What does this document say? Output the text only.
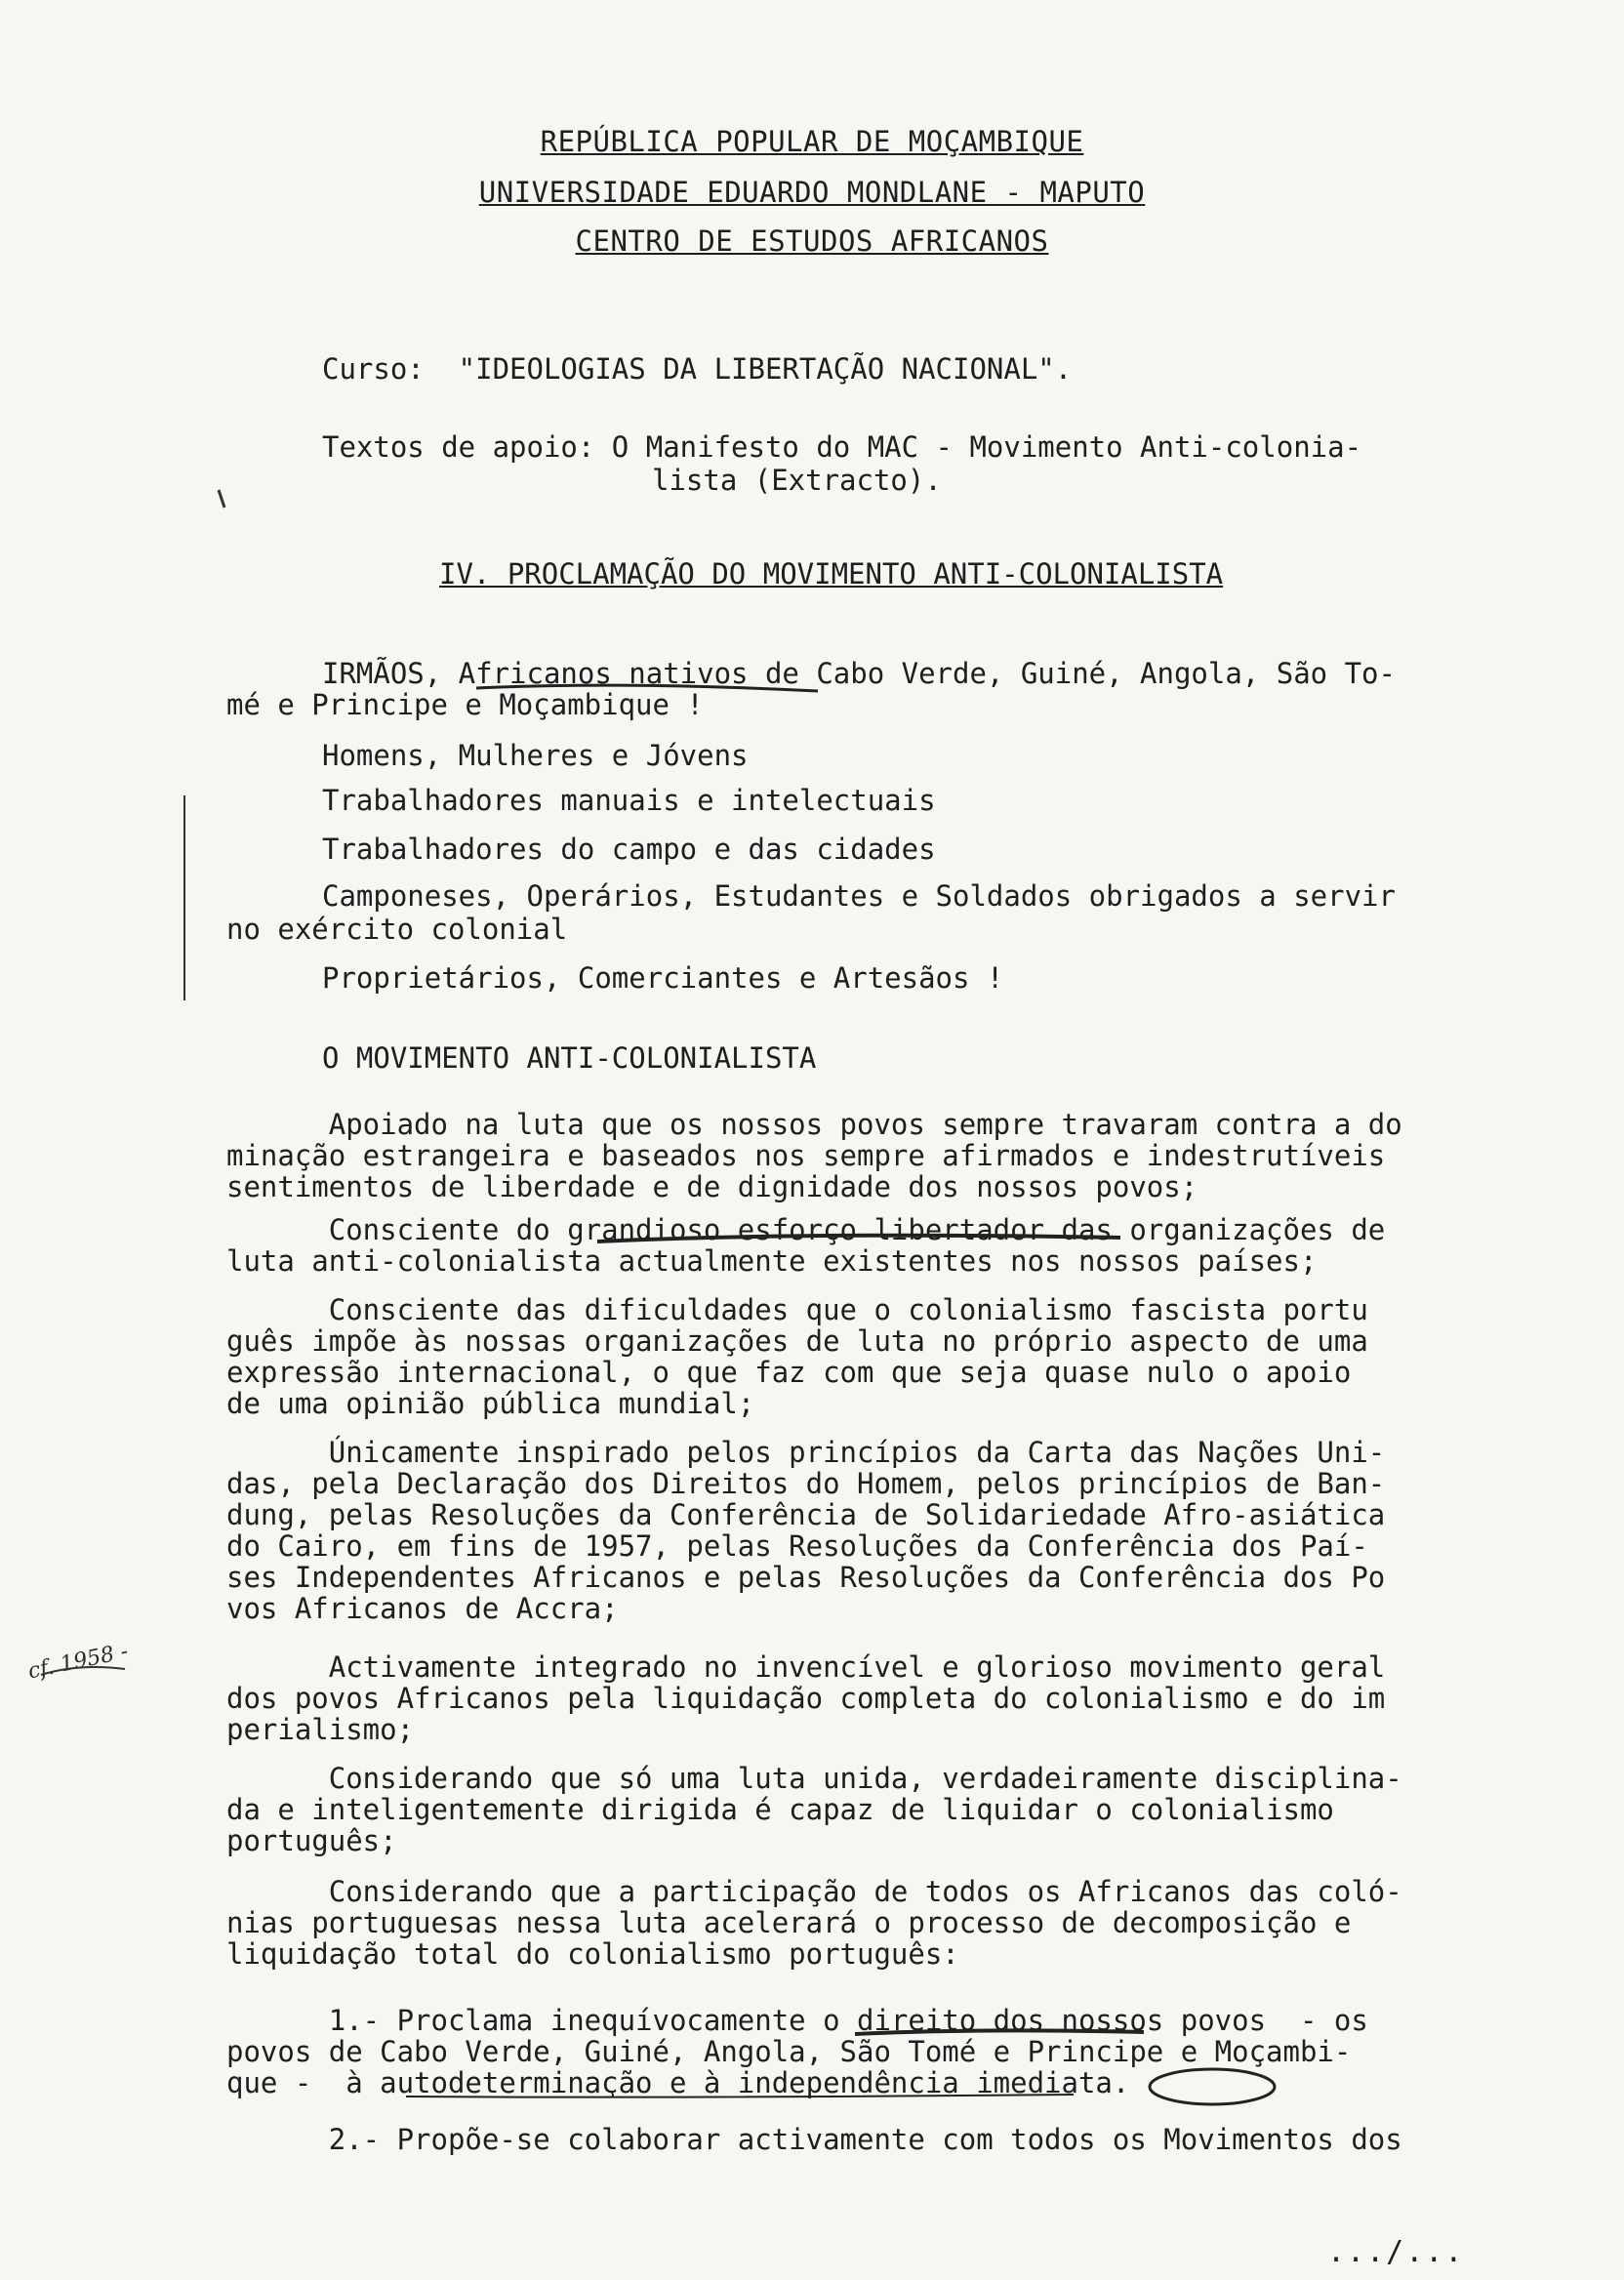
REPÚBLICA POPULAR DE MOÇAMBIQUE
UNIVERSIDADE EDUARDO MONDLANE - MAPUTO
CENTRO DE ESTUDOS AFRICANOS
Curso:  "IDEOLOGIAS DA LIBERTAÇÃO NACIONAL".
Textos de apoio: O Manifesto do MAC - Movimento Anti-colonia-
lista (Extracto).
IV. PROCLAMAÇÃO DO MOVIMENTO ANTI-COLONIALISTA
IRMÃOS, Africanos nativos de Cabo Verde, Guiné, Angola, São To-
mé e Principe e Moçambique !
Homens, Mulheres e Jóvens
Trabalhadores manuais e intelectuais
Trabalhadores do campo e das cidades
Camponeses, Operários, Estudantes e Soldados obrigados a servir
no exército colonial
Proprietários, Comerciantes e Artesãos !
O MOVIMENTO ANTI-COLONIALISTA
Apoiado na luta que os nossos povos sempre travaram contra a do
minação estrangeira e baseados nos sempre afirmados e indestrutíveis
sentimentos de liberdade e de dignidade dos nossos povos;
Consciente do grandioso esforço libertador das organizações de
luta anti-colonialista actualmente existentes nos nossos países;
Consciente das dificuldades que o colonialismo fascista portu
guês impõe às nossas organizações de luta no próprio aspecto de uma
expressão internacional, o que faz com que seja quase nulo o apoio
de uma opinião pública mundial;
Únicamente inspirado pelos princípios da Carta das Nações Uni-
das, pela Declaração dos Direitos do Homem, pelos princípios de Ban-
dung, pelas Resoluções da Conferência de Solidariedade Afro-asiática
do Cairo, em fins de 1957, pelas Resoluções da Conferência dos Paí-
ses Independentes Africanos e pelas Resoluções da Conferência dos Po
vos Africanos de Accra;
Activamente integrado no invencível e glorioso movimento geral
dos povos Africanos pela liquidação completa do colonialismo e do im
perialismo;
Considerando que só uma luta unida, verdadeiramente disciplina-
da e inteligentemente dirigida é capaz de liquidar o colonialismo
português;
Considerando que a participação de todos os Africanos das coló-
nias portuguesas nessa luta acelerará o processo de decomposição e
liquidação total do colonialismo português:
1.- Proclama inequívocamente o direito dos nossos povos  - os
povos de Cabo Verde, Guiné, Angola, São Tomé e Principe e Moçambi-
que -  à autodeterminação e à independência imediata.
2.- Propõe-se colaborar activamente com todos os Movimentos dos
cf. 1958 -
.../...
